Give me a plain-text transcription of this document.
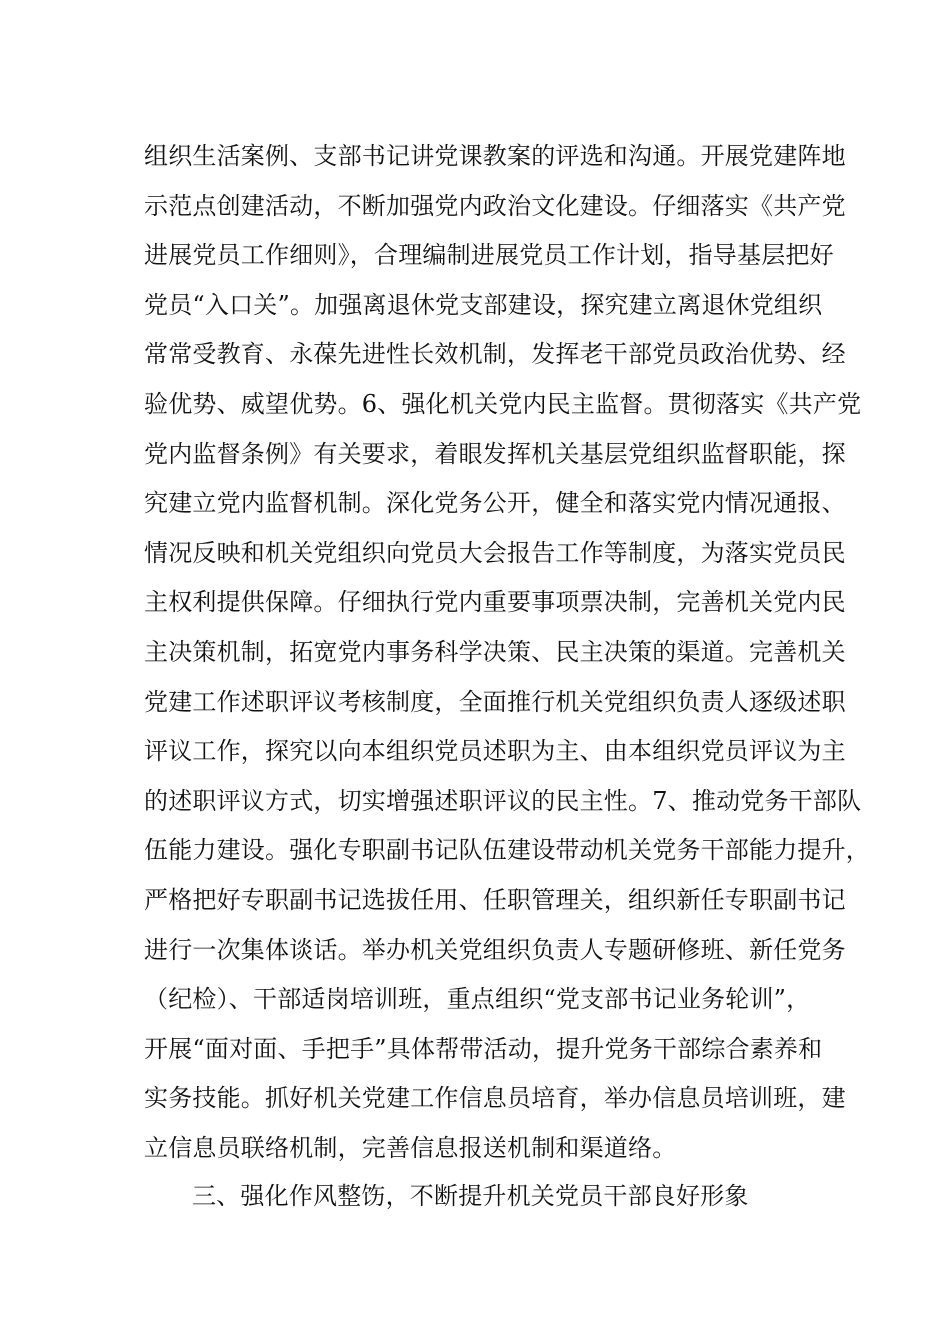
组织生活案例、支部书记讲党课教案的评选和沟通。开展党建阵地
示范点创建活动，不断加强党内政治文化建设。仔细落实《共产党
进展党员工作细则》，合理编制进展党员工作计划，指导基层把好
党员“入口关”。加强离退休党支部建设，探究建立离退休党组织
常常受教育、永葆先进性长效机制，发挥老干部党员政治优势、经
验优势、威望优势。6、强化机关党内民主监督。贯彻落实《共产党
党内监督条例》有关要求，着眼发挥机关基层党组织监督职能，探
究建立党内监督机制。深化党务公开，健全和落实党内情况通报、
情况反映和机关党组织向党员大会报告工作等制度，为落实党员民
主权利提供保障。仔细执行党内重要事项票决制，完善机关党内民
主决策机制，拓宽党内事务科学决策、民主决策的渠道。完善机关
党建工作述职评议考核制度，全面推行机关党组织负责人逐级述职
评议工作，探究以向本组织党员述职为主、由本组织党员评议为主
的述职评议方式，切实增强述职评议的民主性。7、推动党务干部队
伍能力建设。强化专职副书记队伍建设带动机关党务干部能力提升，
严格把好专职副书记选拔任用、任职管理关，组织新任专职副书记
进行一次集体谈话。举办机关党组织负责人专题研修班、新任党务
（纪检）、干部适岗培训班，重点组织“党支部书记业务轮训”，
开展“面对面、手把手”具体帮带活动，提升党务干部综合素养和
实务技能。抓好机关党建工作信息员培育，举办信息员培训班，建
立信息员联络机制，完善信息报送机制和渠道络。
三、强化作风整饬，不断提升机关党员干部良好形象
